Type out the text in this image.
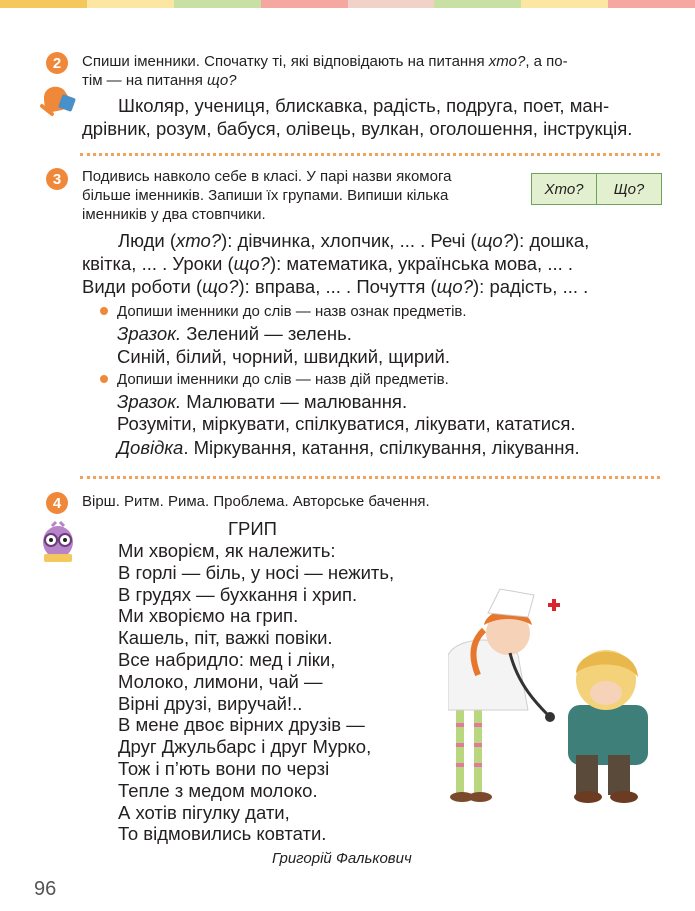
2	Спиши іменники. Спочатку ті, які відповідають на питання хто?, а по-
тім — на питання що?
Школяр, учениця, блискавка, радість, подруга, поет, ман-
дрівник, розум, бабуся, олівець, вулкан, оголошення, інструкція.
3	Подивись навколо себе в класі. У парі назви якомога
більше іменників. Запиши їх групами. Випиши кілька
іменників у два стовпчики.
Хто?	Що?
Люди (хто?): дівчинка, хлопчик, ... . Речі (що?): дошка,
квітка, ... . Уроки (що?): математика, українська мова, ... .
Види роботи (що?): вправа, ... . Почуття (що?): радість, ... .
Допиши іменники до слів — назв ознак предметів.
Зразок. Зелений — зелень.
Синій, білий, чорний, швидкий, щирий.
Допиши іменники до слів — назв дій предметів.
Зразок. Малювати — малювання.
Розуміти, міркувати, спілкуватися, лікувати, кататися.
Довідка. Міркування, катання, спілкування, лікування.
4	Вірш. Ритм. Рима. Проблема. Авторське бачення.
ГРИП
Ми хворієм, як належить:
В горлі — біль, у носі — нежить,
В грудях — бухкання і хрип.
Ми хворіємо на грип.
Кашель, піт, важкі повіки.
Все набридло: мед і ліки,
Молоко, лимони, чай —
Вірні друзі, виручай!..
В мене двоє вірних друзів —
Друг Джульбарс і друг Мурко,
Тож і п’ють вони по черзі
Тепле з медом молоко.
А хотів пігулку дати,
То відмовились ковтати.
Григорій Фалькович
96
